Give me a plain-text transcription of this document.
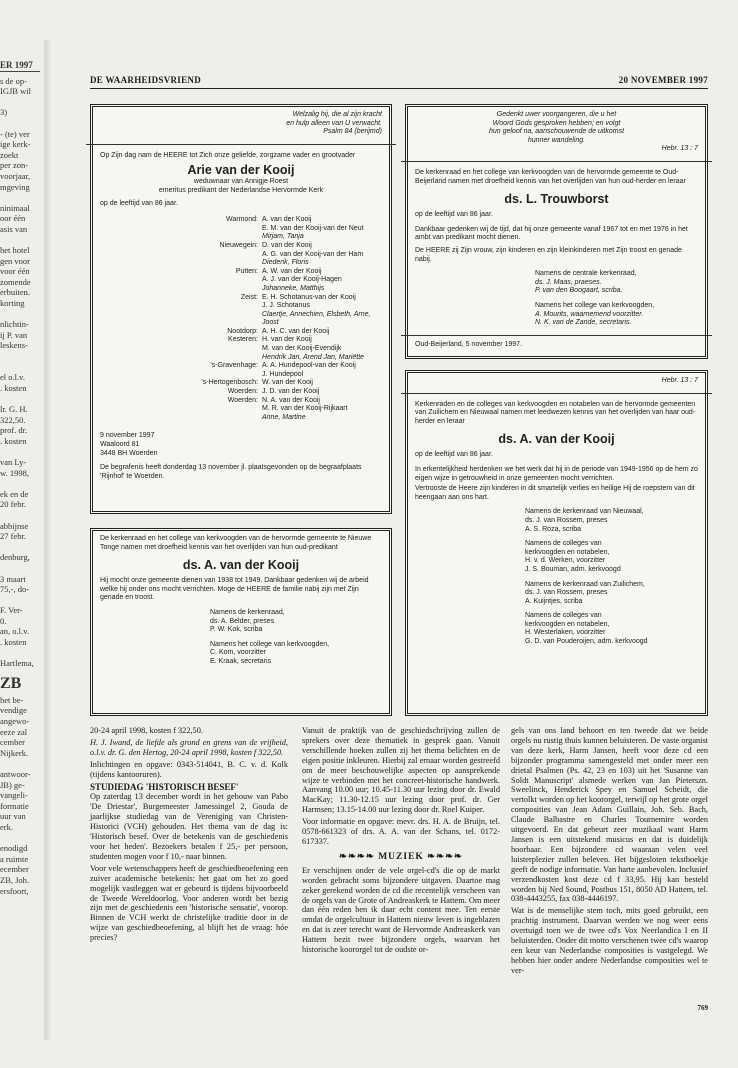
ER 1997
s de op-
IGJB wil

3)

- (te) ver
ige kerk-
zoekt
per zon-
voorjaar,
mgeving

ninimaal
oor één
asis van

het hotel
gen voor
voor één
zomende
erbuiten.
korting

nlichtin-
ij P. van
leskens-

el o.l.v.
. kosten

lr. G. H.
322,50.
prof. dr.
. kosten

van Ly-
w. 1998,

ek en de
20 febr.

abbijnse
27 febr.

denburg,

3 maart
75,-, do-

F. Ver-
0.
an, o.l.v.
. kosten

Hartlema,
ZB
het be-
vendige
angewo-
eeze zal
cember
Nijkerk.

antwoor-
JB) ge-
vangeli-
formatie
uur van
erk.

enodigd
a ruimte
ecember
ZB, Joh.
ersfoort,
DE WAARHEIDSVRIEND	20 NOVEMBER 1997
Welzalig hij, die al zijn kracht
en hulp alleen van U verwacht.
Psalm 84 (berijmd)
Op Zijn dag nam de HEERE tot Zich onze geliefde, zorgzame vader en grootvader
Arie van der Kooij
weduwnaar van Annigje Roest
emeritus predikant der Nederlandse Hervormde Kerk
op de leeftijd van 86 jaar.
Warmond: A. van der Kooij
E. M. van der Kooij-van der Neut
Mirjam, Tanja
Nieuwegein: D. van der Kooij
A. G. van der Kooij-van der Ham
Diederik, Floris
Putten: A. W. van der Kooij
A. J. van der Kooij-Hagen
Johanneke, Matthijs
Zeist: E. H. Schotanus-van der Kooij
J. J. Schotanus
Claertje, Annechien, Elsbeth, Arne, Joost
Nootdorp: A. H. C. van der Kooij
Kesteren: H. van der Kooij
M. van der Kooij-Evendijk
Hendrik Jan, Arend Jan, Mariëtte
's-Gravenhage: A. A. Hundepool-van der Kooij
J. Hundepool
's-Hertogenbosch: W. van der Kooij
Woerden: J. D. van der Kooij
Woerden: N. A. van der Kooij
M. R. van der Kooij-Rijkaart
Anne, Martine
9 november 1997
Waaloord 81
3448 BH Woerden
De begrafenis heeft donderdag 13 november jl. plaatsgevonden op de begraafplaats 'Rijnhof' te Woerden.
De kerkenraad en het college van kerkvoogden van de hervormde gemeente te Nieuwe Tonge namen met droefheid kennis van het overlijden van hun oud-predikant
ds. A. van der Kooij
Hij mocht onze gemeente dienen van 1938 tot 1949. Dankbaar gedenken wij de arbeid welke hij onder ons mocht verrichten. Moge de HEERE de familie nabij zijn met Zijn genade en troost.
Namens de kerkenraad,
ds. A. Belder, preses
P. W. Kok, scriba
Namens het college van kerkvoogden,
C. Kom, voorzitter
E. Kraak, secretaris
Gedenkt uwer voorgangeren, die u het
Woord Gods gesproken hebben; en volgt
hun geloof na, aanschouwende de uitkomst
hunner wandeling.
Hebr. 13 : 7
De kerkenraad en het college van kerkvoogden van de hervormde gemeente te Oud-Beijerland namen met droefheid kennis van het overlijden van hun oud-herder en leraar
ds. L. Trouwborst
op de leeftijd van 86 jaar.
Dankbaar gedenken wij de tijd, dat hij onze gemeente vanaf 1967 tot en met 1976 in het ambt van predikant mocht dienen.
De HEERE zij Zijn vrouw, zijn kinderen en zijn kleinkinderen met Zijn troost en genade nabij.
Namens de centrale kerkenraad,
ds. J. Maas, praeses.
P. van den Boogaart, scriba.
Namens het college van kerkvoogden,
A. Mourits, waarnemend voorzitter.
N. K. van de Zande, secretaris.
Oud-Beijerland, 5 november 1997.
Hebr. 13 : 7
Kerkenraden en de colleges van kerkvoogden en notabelen van de hervormde gemeenten van Zuilichem en Nieuwaal namen met leedwezen kennis van het overlijden van haar oud-herder en leraar
ds. A. van der Kooij
op de leeftijd van 86 jaar.
In erkentelijkheid herdenken we het werk dat hij in de periode van 1949-1956 op de hem zo eigen wijze in getrouwheid in onze gemeenten mocht verrichten.
Vertrooste de Heere zijn kinderen in dit smartelijk verlies en heilige Hij de roepstem van dit heengaan aan ons hart.
Namens de kerkenraad van Nieuwaal,
ds. J. van Rossem, preses
A. S. Roza, scriba
Namens de colleges van
kerkvoogden en notabelen,
H. v. d. Werken, voorzitter
J. S. Bouman, adm. kerkvoogd
Namens de kerkenraad van Zuilichem,
ds. J. van Rossem, preses
A. Kuijntjes, scriba
Namens de colleges van
kerkvoogden en notabelen,
H. Westerlaken, voorzitter
G. D. van Pouderoijen, adm. kerkvoogd

20-24 april 1998, kosten f 322,50.

H. J. Iwand, de liefde als grond en grens van de vrijheid, o.l.v. dr. G. den Hertog, 20-24 april 1998, kosten f 322,50.

Inlichtingen en opgave: 0343-514041, B. C. v. d. Kolk (tijdens kantooruren).

STUDIEDAG 'HISTORISCH BESEF'

Op zaterdag 13 december wordt in het gebouw van Pabo 'De Driestar', Burgemeester Jamessingel 2, Gouda de jaarlijkse studiedag van de Vereniging van Christen-Historici (VCH) gehouden. Het thema van de dag is: 'Historisch besef. Over de betekenis van de geschiedenis voor het heden'. Bezoekers betalen f 25,- per persoon, studenten mogen voor f 10,- naar binnen.

Voor vele wetenschappers heeft de geschiedbeoefening een zuiver academische betekenis: het gaat om het zo goed mogelijk vastleggen wat er gebeurd is tijdens bijvoorbeeld de Tweede Wereldoorlog. Voor anderen wordt het bezig zijn met de geschiedenis een 'historische sensatie', voorop. Binnen de VCH werkt de christelijke traditie door in de wijze van geschiedbeoefening, al blijft het de vraag: hóe precies?

Vanuit de praktijk van de geschiedschrijving zullen de sprekers over deze thematiek in gesprek gaan. Vanuit verschillende hoeken zullen zij het thema belichten en de eigen positie inkleuren. Hierbij zal ernaar worden gestreefd om de meer beschouwelijke aspecten op aansprekende wijze te verbinden met het concreet-historische handwerk. Aanvang 10.00 uur; 10.45-11.30 uur lezing door dr. Ewald MacKay; 11.30-12.15 uur lezing door prof. dr. Ger Harmsen; 13.15-14.00 uur lezing door dr. Roel Kuiper.

Voor informatie en opgave: mevr. drs. H. A. de Bruijn, tel. 0578-661323 of drs. A. A. van der Schans, tel. 0172-617337.

❧❧❧❧ MUZIEK ❧❧❧❧

Er verschijnen onder de vele orgel-cd's die op de markt worden gebracht soms bijzondere uitgaven. Daartoe mag zeker gerekend worden de cd die recentelijk verscheen van de orgels van de Grote of Andreaskerk te Hattem. Om meer dan één reden ben ik daar echt content mee. Ten eerste omdat de orgelcultuur in Hattem nieuw leven is ingeblazen en dat is zeer terecht want de Hervormde Andreaskerk van Hattem bezit twee bijzondere orgels, waarvan het historische koororgel tot de oudste or-

gels van ons land behoort en ten tweede dat we beide orgels nu rustig thuis kunnen beluisteren. De vaste organist van deze kerk, Harm Jansen, heeft voor deze cd een bijzonder programma samengesteld met onder meer een drietal Psalmen (Ps. 42, 23 en 103) uit het 'Susanne van Soldt Manuscript' alsmede werken van Jan Pieterszn. Sweelinck, Henderick Spey en Samuel Scheidt, die vertolkt worden op het koororgel, terwijl op het grote orgel composities van Jean Adam Guillain, Joh. Seb. Bach, Claude Balbastre en Charles Tournemire worden uitgevoerd. En dat gebeurt zeer muzikaal want Harm Jansen is een uitstekend musicus en dat is duidelijk hoorbaar. Een bijzondere cd waaraan velen veel luisterplezier zullen beleven. Het bijgesloten tekstboekje geeft de nodige informatie. Van harte aanbevolen. Inclusief verzendkosten kost deze cd f 33,95. Hij kan besteld worden bij Ned Sound, Postbus 151, 8050 AD Hattem, tel. 038-4443255, fax 038-4446197.

Wat is de menselijke stem toch, mits goed gebruikt, een prachtig instrument. Daarvan werden we nog weer eens overtuigd toen we de twee cd's Vox Neerlandica I en II beluisterden. Onder dit motto verschenen twee cd's waarop een keur van Nederlandse composities is vastgelegd. We hebben hier onder andere Nederlandse composities wel te ver-

769
